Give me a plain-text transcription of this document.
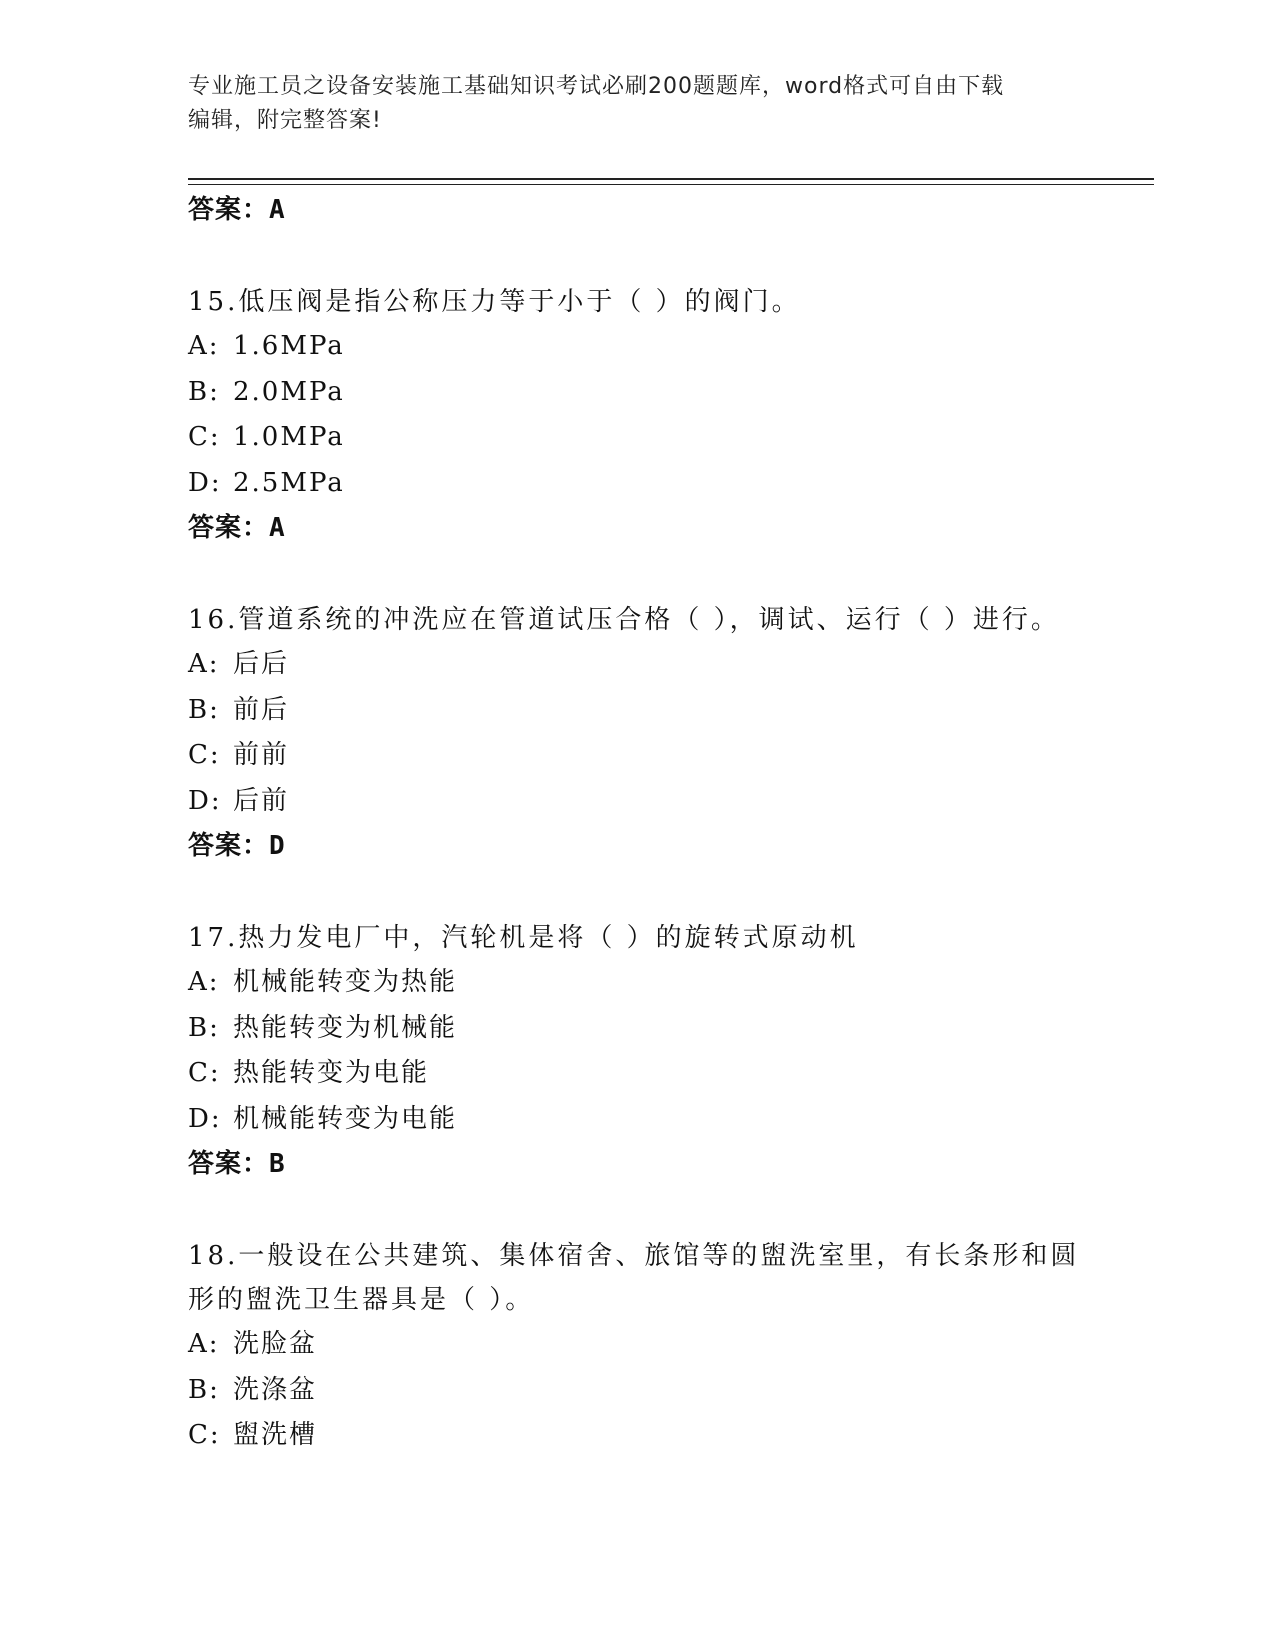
专业施工员之设备安装施工基础知识考试必刷200题题库，word格式可自由下载
编辑，附完整答案!
答案：A
15.低压阀是指公称压力等于小于（ ）的阀门。
A: 1.6MPa
B: 2.0MPa
C: 1.0MPa
D: 2.5MPa
答案：A
16.管道系统的冲洗应在管道试压合格（ ），调试、运行（ ）进行。
A: 后后
B: 前后
C: 前前
D: 后前
答案：D
17.热力发电厂中，汽轮机是将（ ）的旋转式原动机
A: 机械能转变为热能
B: 热能转变为机械能
C: 热能转变为电能
D: 机械能转变为电能
答案：B
18.一般设在公共建筑、集体宿舍、旅馆等的盥洗室里，有长条形和圆
形的盥洗卫生器具是（ ）。
A: 洗脸盆
B: 洗涤盆
C: 盥洗槽
